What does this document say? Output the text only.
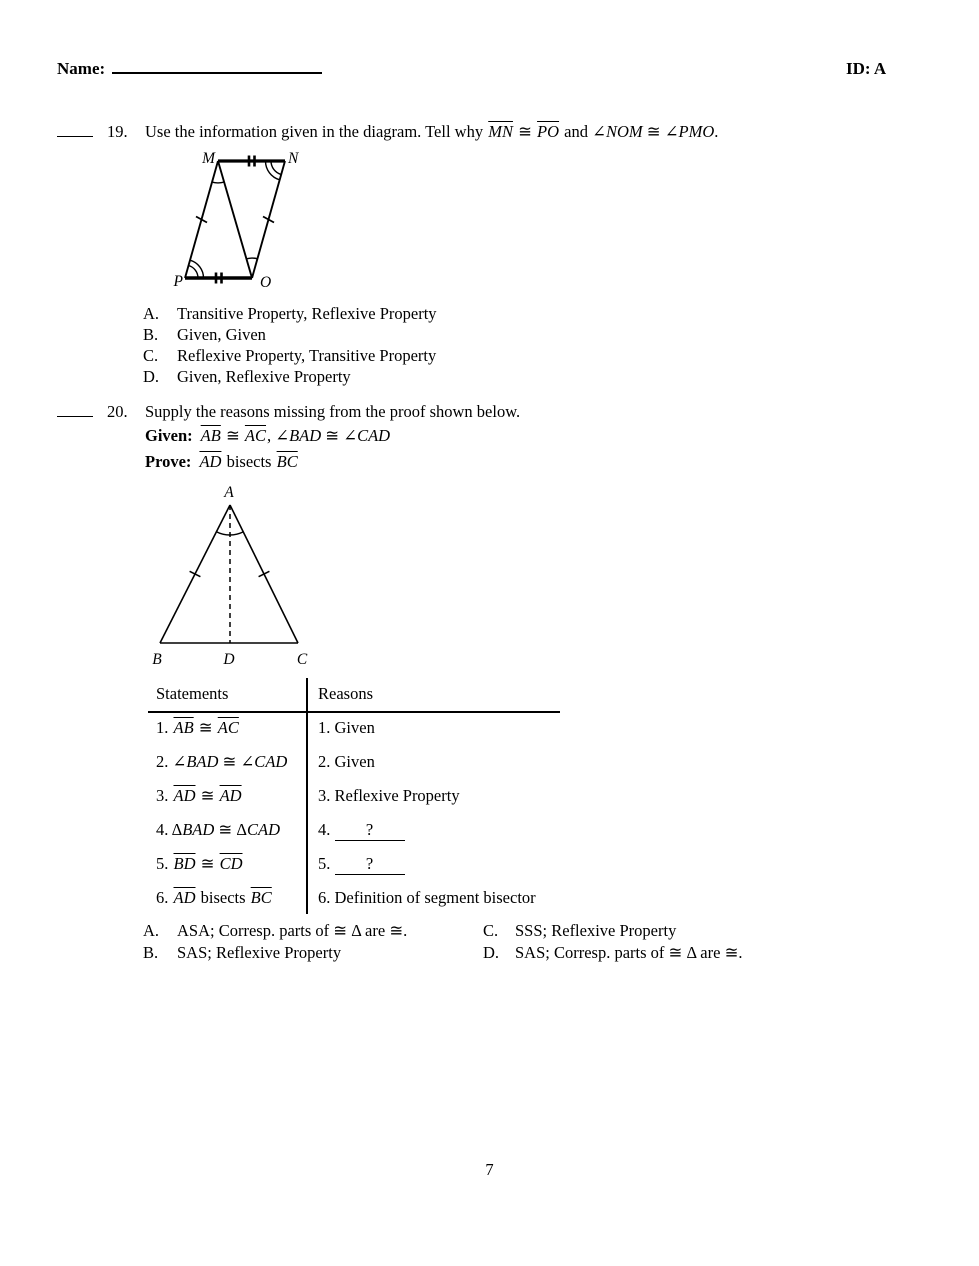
Name:	ID: A
19. Use the information given in the diagram. Tell why $\overline{MN}$ ≅ $\overline{PO}$ and ∠NOM ≅ ∠PMO.
M	N
P	O
A. Transitive Property, Reflexive Property
B. Given, Given
C. Reflexive Property, Transitive Property
D. Given, Reflexive Property
20. Supply the reasons missing from the proof shown below.
Given: $\overline{AB}$ ≅ $\overline{AC}$, ∠BAD ≅ ∠CAD
Prove: $\overline{AD}$ bisects $\overline{BC}$
A
B	C
D
Statements	Reasons
1. $\overline{AB}$ ≅ $\overline{AC}$	1. Given
2. ∠BAD ≅ ∠CAD	2. Given
3. $\overline{AD}$ ≅ $\overline{AD}$	3. Reflexive Property
4. ΔBAD ≅ ΔCAD	4. ?
5. $\overline{BD}$ ≅ $\overline{CD}$	5. ?
6. $\overline{AD}$ bisects $\overline{BC}$	6. Definition of segment bisector
A. ASA; Corresp. parts of ≅ Δ are ≅.
B. SAS; Reflexive Property
C. SSS; Reflexive Property
D. SAS; Corresp. parts of ≅ Δ are ≅.
7
